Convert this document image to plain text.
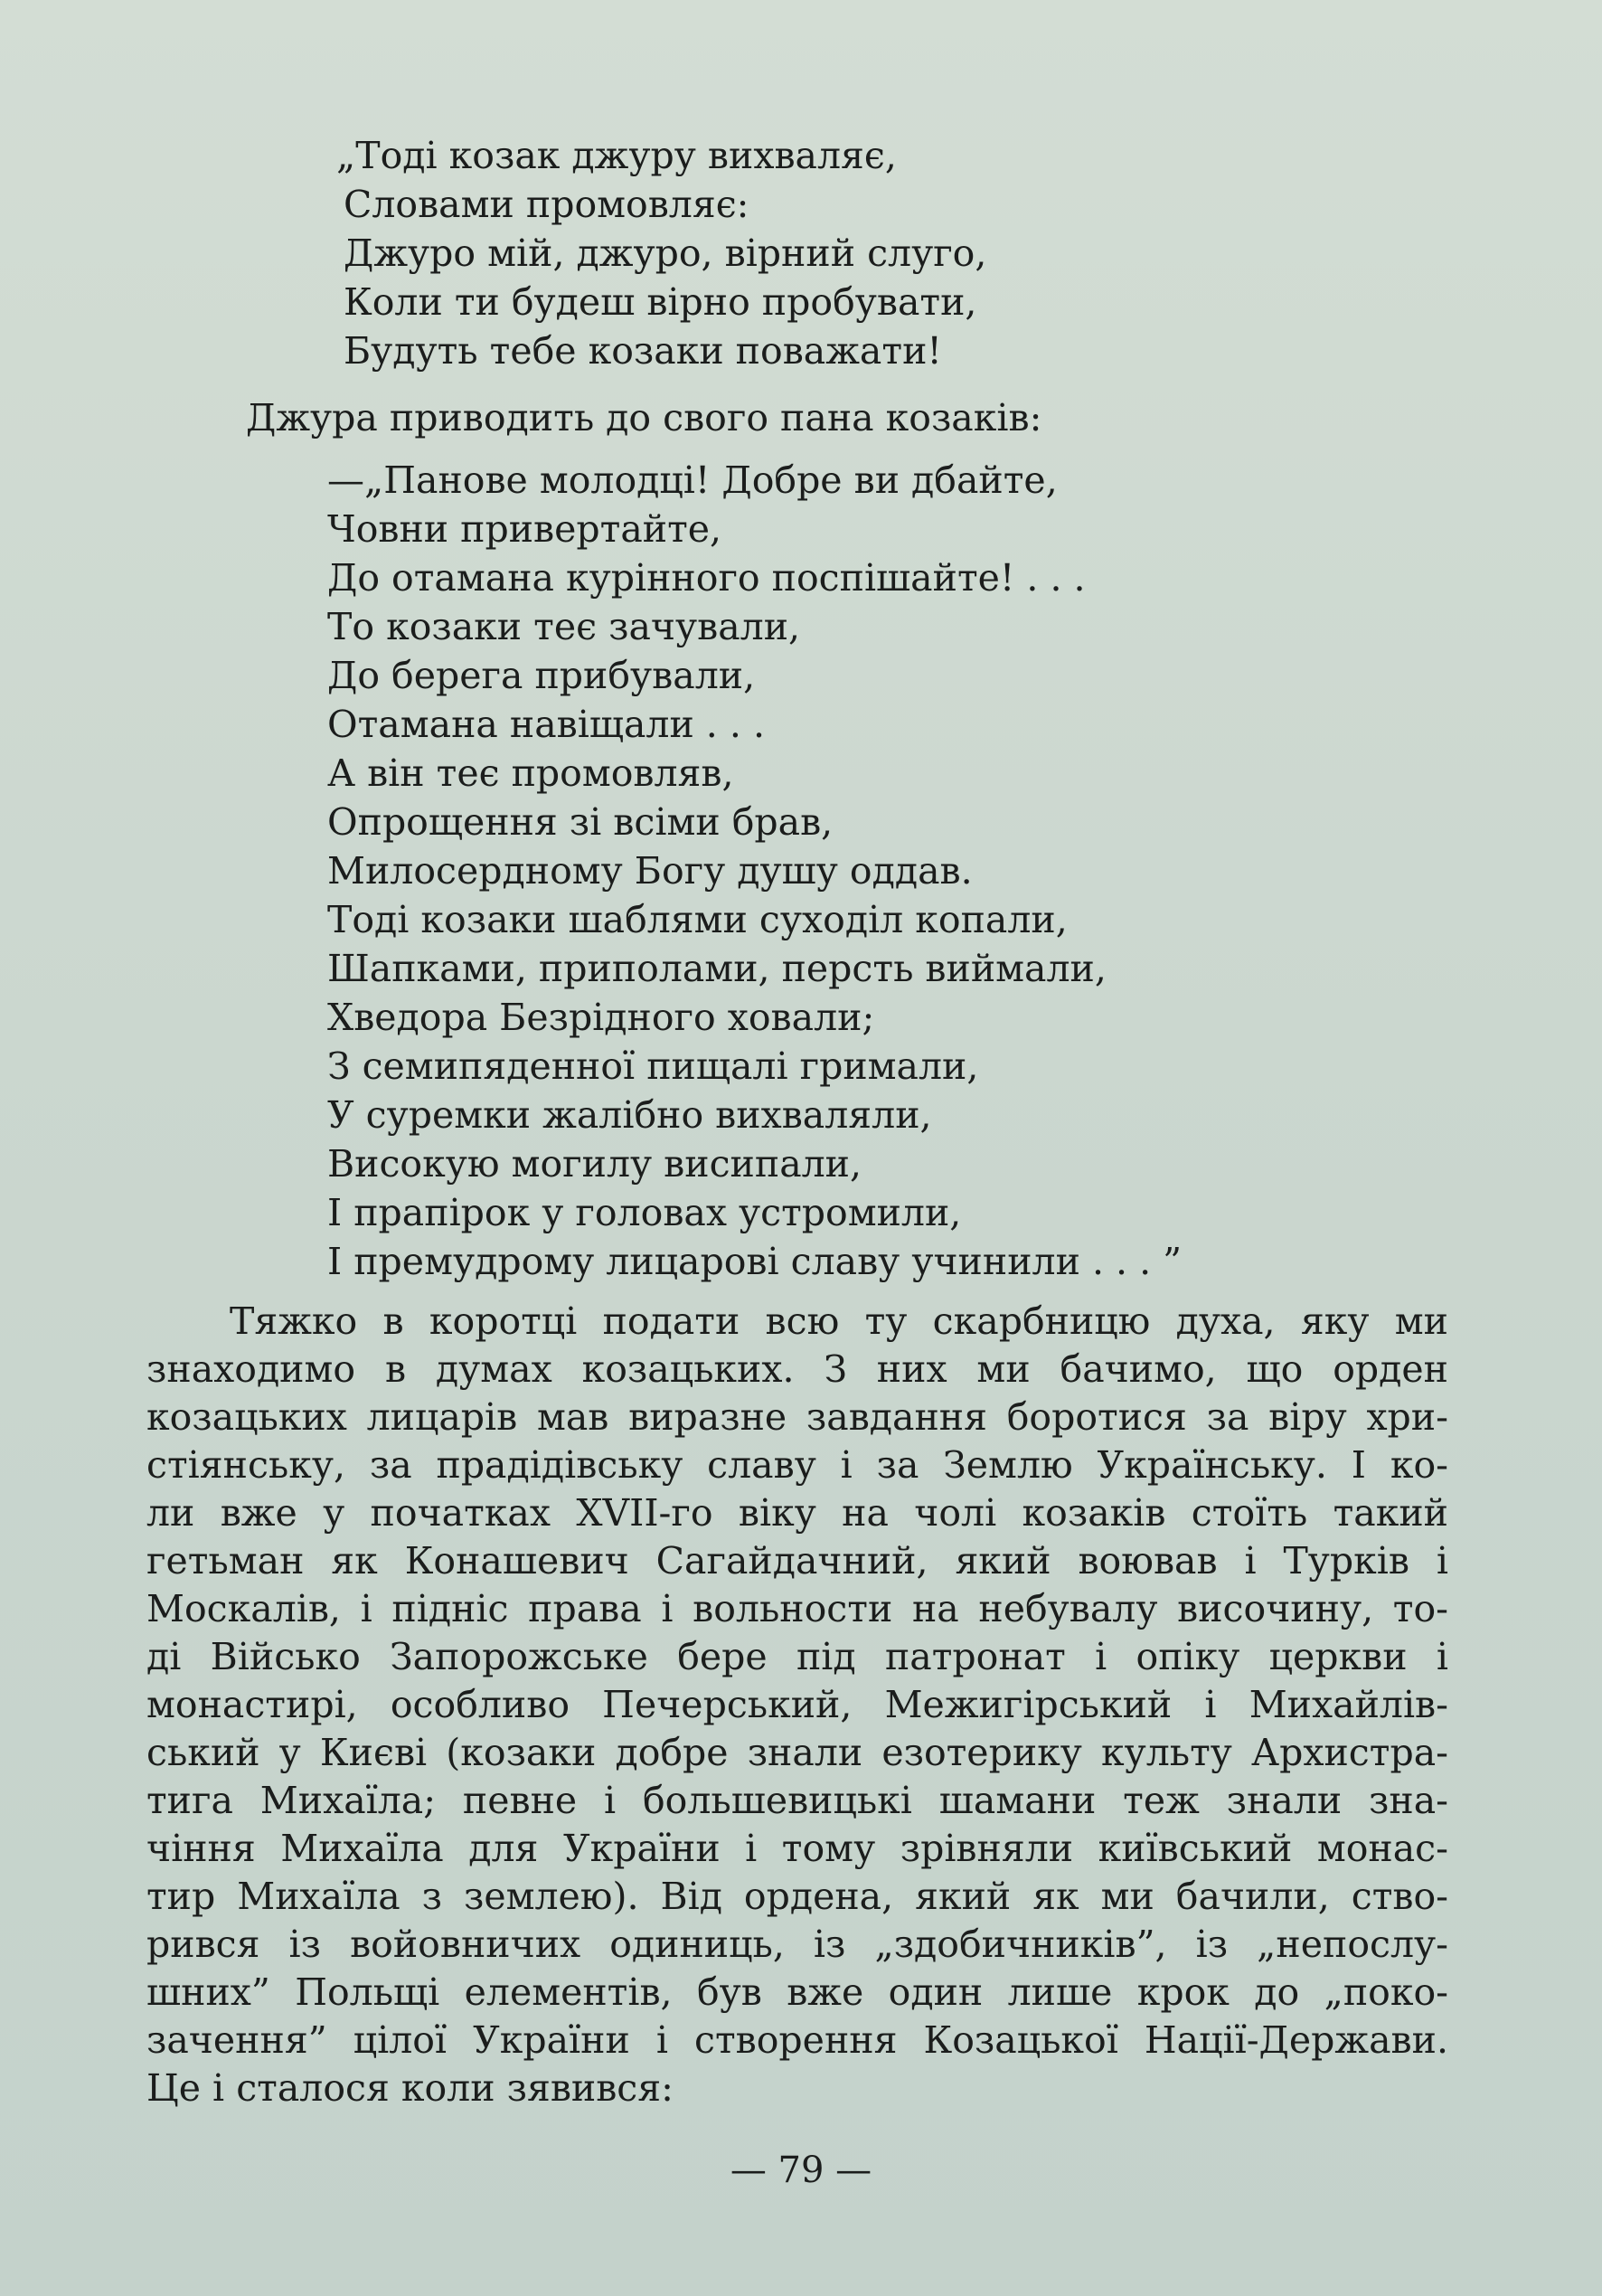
„Тоді козак джуру вихваляє,
Словами промовляє:
Джуро мій, джуро, вірний слуго,
Коли ти будеш вірно пробувати,
Будуть тебе козаки поважати!

Джура приводить до свого пана козаків:

—„Панове молодці! Добре ви дбайте,
Човни привертайте,
До отамана курінного поспішайте! . . .
То козаки теє зачували,
До берега прибували,
Отамана навіщали . . .
А він теє промовляв,
Опрощення зі всіми брав,
Милосердному Богу душу оддав.
Тоді козаки шаблями суходіл копали,
Шапками, приполами, персть виймали,
Хведора Безрідного ховали;
З семипяденної пищалі гримали,
У суремки жалібно вихваляли,
Високую могилу висипали,
І прапірок у головах устромили,
І премудрому лицарові славу учинили . . . ”
Тяжко в коротці подати всю ту скарбницю духа, яку ми
знаходимо в думах козацьких. З них ми бачимо, що орден
козацьких лицарів мав виразне завдання боротися за віру хри-
стіянську, за прадідівську славу і за Землю Українську. І ко-
ли вже у початках XVII-го віку на чолі козаків стоїть такий
гетьман як Конашевич Сагайдачний, який воював і Турків і
Москалів, і підніс права і вольности на небувалу височину, то-
ді Військо Запорожське бере під патронат і опіку церкви і
монастирі, особливо Печерський, Межигірський і Михайлів-
ський у Києві (козаки добре знали езотерику культу Архистра-
тига Михаїла; певне і большевицькі шамани теж знали зна-
чіння Михаїла для України і тому зрівняли київський монас-
тир Михаїла з землею). Від ордена, який як ми бачили, ство-
рився із войовничих одиниць, із „здобичників”, із „непослу-
шних” Польщі елементів, був вже один лише крок до „поко-
зачення” цілої України і створення Козацької Нації-Держави.
Це і сталося коли зявився:

— 79 —
